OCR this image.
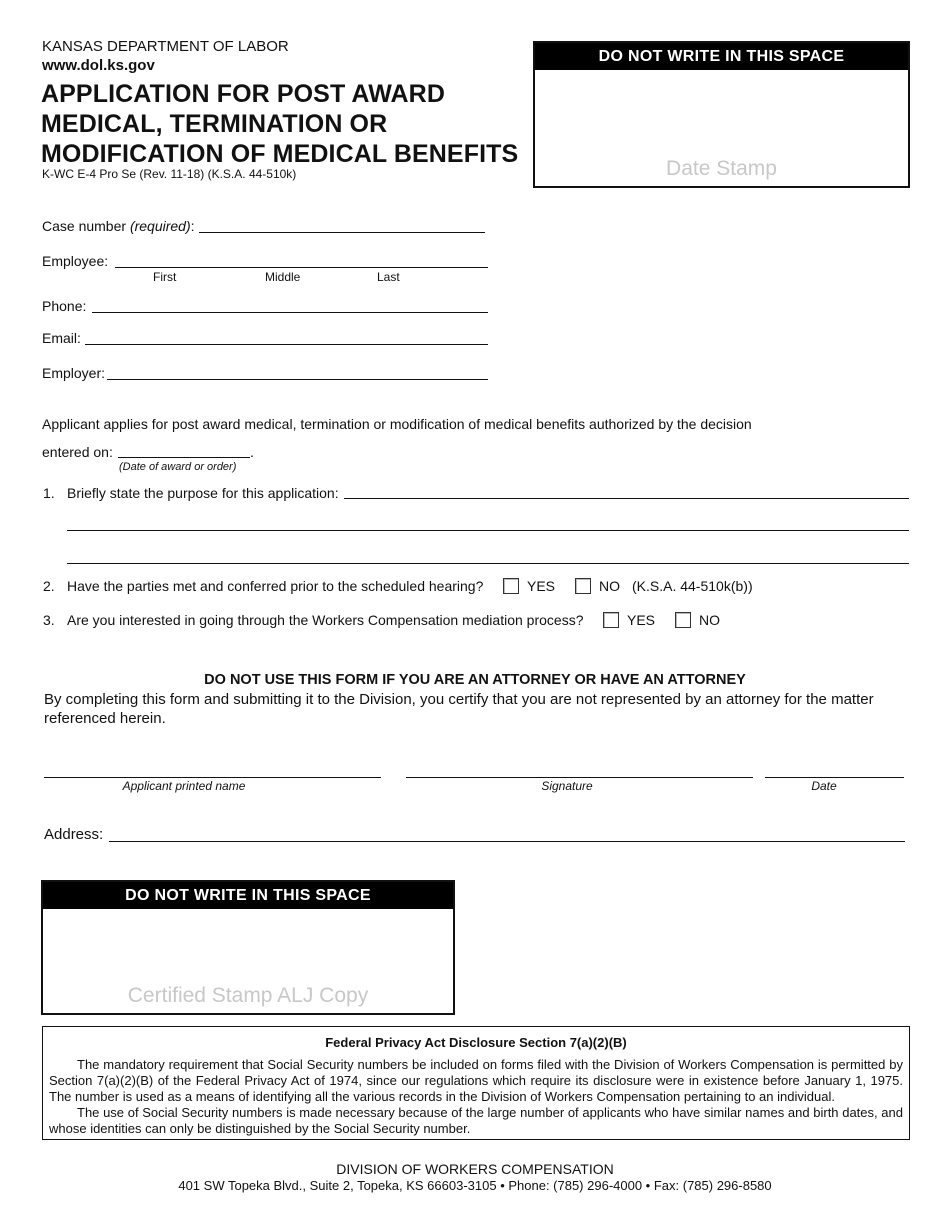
KANSAS DEPARTMENT OF LABOR
www.dol.ks.gov
APPLICATION FOR POST AWARD
MEDICAL, TERMINATION OR
MODIFICATION OF MEDICAL BENEFITS
K-WC E-4 Pro Se (Rev. 11-18) (K.S.A. 44-510k)
DO NOT WRITE IN THIS SPACE
Date Stamp
Case number (required):
Employee:
First	Middle	Last
Phone:
Email:
Employer:
Applicant applies for post award medical, termination or modification of medical benefits authorized by the decision
entered on:	.
(Date of award or order)
1. Briefly state the purpose for this application:
2. Have the parties met and conferred prior to the scheduled hearing?	YES	NO (K.S.A. 44-510k(b))
3. Are you interested in going through the Workers Compensation mediation process?	YES	NO
DO NOT USE THIS FORM IF YOU ARE AN ATTORNEY OR HAVE AN ATTORNEY
By completing this form and submitting it to the Division, you certify that you are not represented by an attorney for the matter referenced herein.
Applicant printed name	Signature	Date
Address:
DO NOT WRITE IN THIS SPACE
Certified Stamp ALJ Copy
Federal Privacy Act Disclosure Section 7(a)(2)(B)

The mandatory requirement that Social Security numbers be included on forms filed with the Division of Workers Compensation is permitted by Section 7(a)(2)(B) of the Federal Privacy Act of 1974, since our regulations which require its disclosure were in existence before January 1, 1975. The number is used as a means of identifying all the various records in the Division of Workers Compensation pertaining to an individual.

The use of Social Security numbers is made necessary because of the large number of applicants who have similar names and birth dates, and whose identities can only be distinguished by the Social Security number.

DIVISION OF WORKERS COMPENSATION
401 SW Topeka Blvd., Suite 2, Topeka, KS 66603-3105 • Phone: (785) 296-4000 • Fax: (785) 296-8580
